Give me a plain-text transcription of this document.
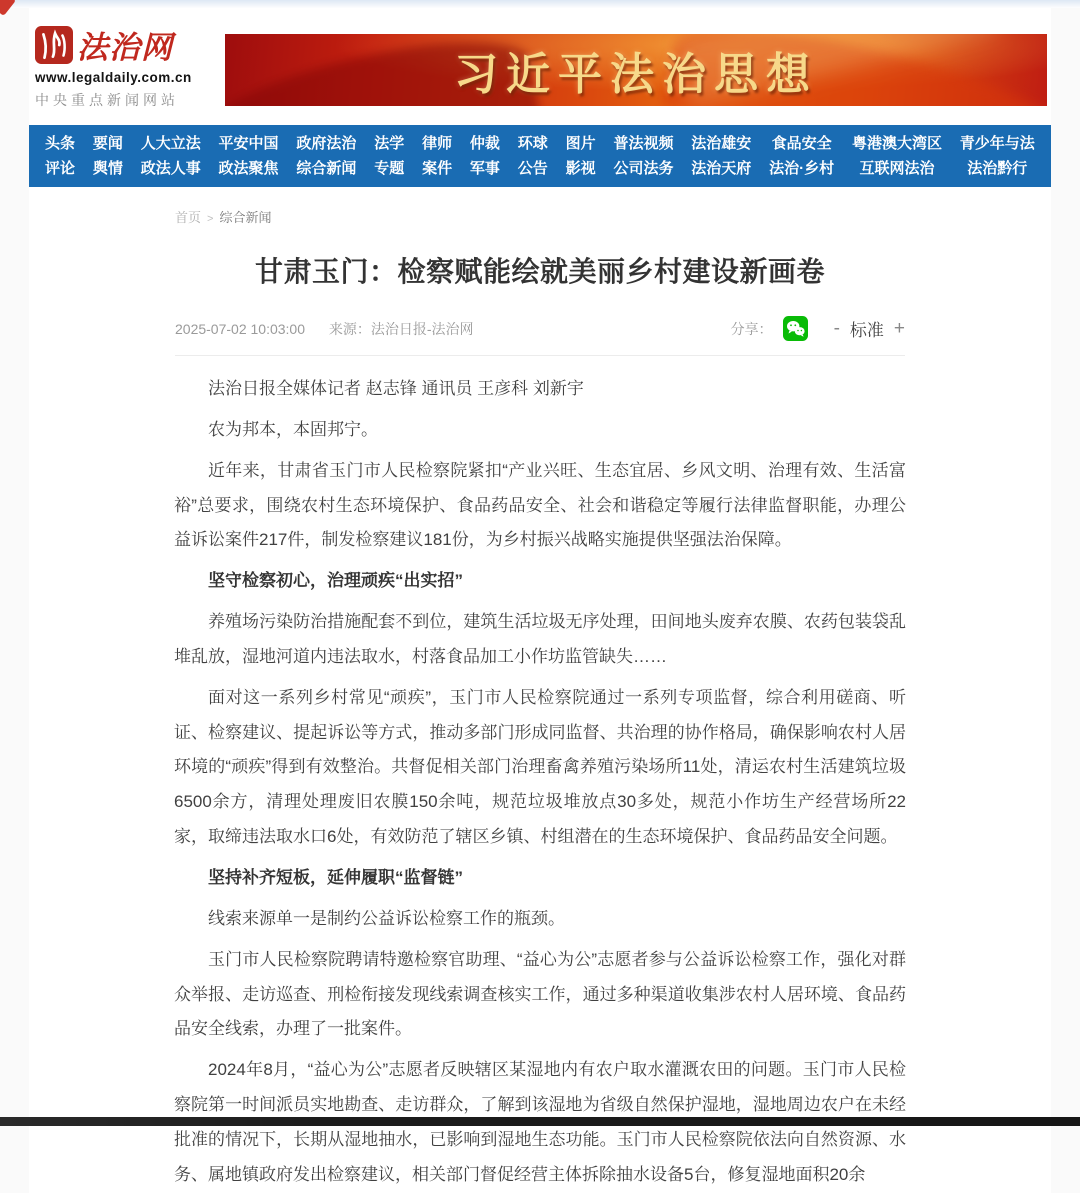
法治网
www.legaldaily.com.cn
中央重点新闻网站	习近平法治思想
头条
评论
要闻
舆情
人大立法
政法人事
平安中国
政法聚焦
政府法治
综合新闻
法学
专题
律师
案件
仲裁
军事
环球
公告
图片
影视
普法视频
公司法务
法治雄安
法治天府
食品安全
法治·乡村
粤港澳大湾区
互联网法治
青少年与法
法治黔行
首页 > 综合新闻
甘肃玉门：检察赋能绘就美丽乡村建设新画卷
2025-07-02 10:03:00 来源：法治日报-法治网	分享：	- 标准 +

法治日报全媒体记者 赵志锋 通讯员 王彦科 刘新宇

农为邦本，本固邦宁。

近年来，甘肃省玉门市人民检察院紧扣“产业兴旺、生态宜居、乡风文明、治理有效、生活富裕”总要求，围绕农村生态环境保护、食品药品安全、社会和谐稳定等履行法律监督职能，办理公益诉讼案件217件，制发检察建议181份，为乡村振兴战略实施提供坚强法治保障。

坚守检察初心，治理顽疾“出实招”

养殖场污染防治措施配套不到位，建筑生活垃圾无序处理，田间地头废弃农膜、农药包装袋乱堆乱放，湿地河道内违法取水，村落食品加工小作坊监管缺失……

面对这一系列乡村常见“顽疾”，玉门市人民检察院通过一系列专项监督，综合利用磋商、听证、检察建议、提起诉讼等方式，推动多部门形成同监督、共治理的协作格局，确保影响农村人居环境的“顽疾”得到有效整治。共督促相关部门治理畜禽养殖污染场所11处，清运农村生活建筑垃圾6500余方，清理处理废旧农膜150余吨，规范垃圾堆放点30多处，规范小作坊生产经营场所22家，取缔违法取水口6处，有效防范了辖区乡镇、村组潜在的生态环境保护、食品药品安全问题。

坚持补齐短板，延伸履职“监督链”

线索来源单一是制约公益诉讼检察工作的瓶颈。

玉门市人民检察院聘请特邀检察官助理、“益心为公”志愿者参与公益诉讼检察工作，强化对群众举报、走访巡查、刑检衔接发现线索调查核实工作，通过多种渠道收集涉农村人居环境、食品药品安全线索，办理了一批案件。

2024年8月，“益心为公”志愿者反映辖区某湿地内有农户取水灌溉农田的问题。玉门市人民检察院第一时间派员实地勘查、走访群众，了解到该湿地为省级自然保护湿地，湿地周边农户在未经批准的情况下，长期从湿地抽水，已影响到湿地生态功能。玉门市人民检察院依法向自然资源、水务、属地镇政府发出检察建议，相关部门督促经营主体拆除抽水设备5台，修复湿地面积20余
